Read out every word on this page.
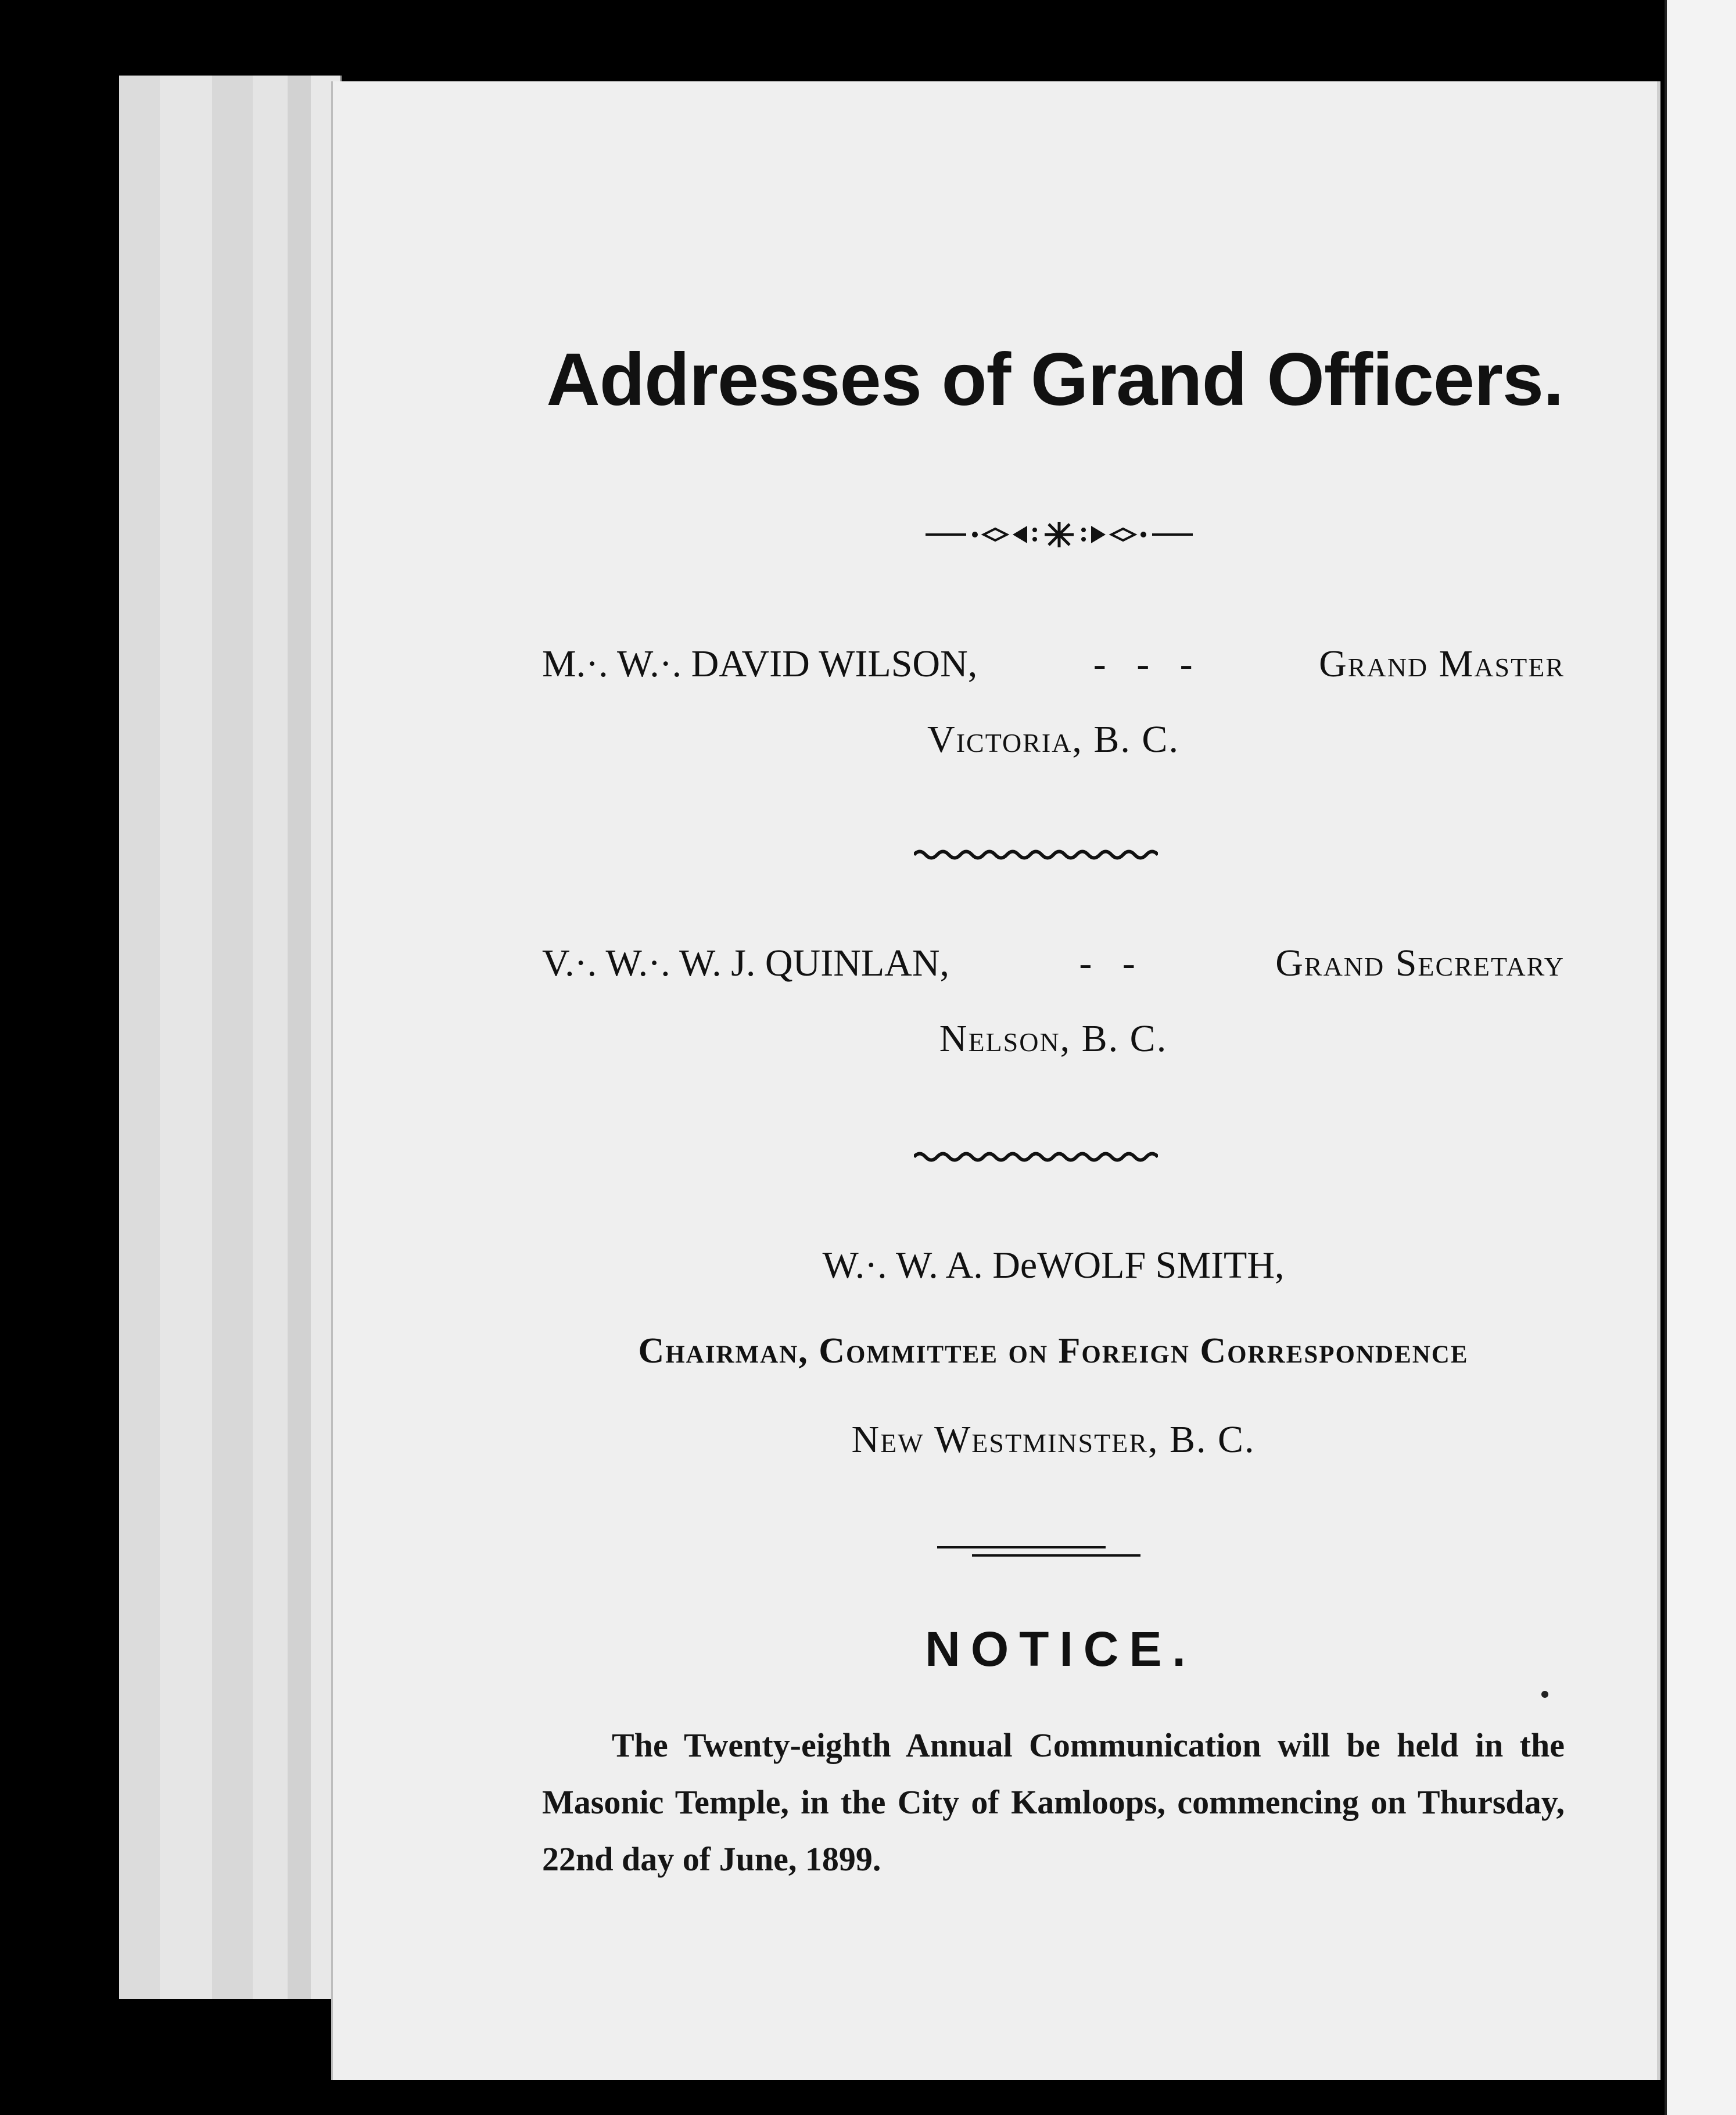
Addresses of Grand Officers.
M.·. W.·. DAVID WILSON,	- - -	Grand Master
Victoria, B. C.
V.·. W.·. W. J. QUINLAN,	- -	Grand Secretary
Nelson, B. C.
W.·. W. A. DeWOLF SMITH,
Chairman, Committee on Foreign Correspondence
New Westminster, B. C.
NOTICE.
The Twenty-eighth Annual Communication will be held in the Masonic Temple, in the City of Kamloops, commencing on Thursday, 22nd day of June, 1899.
